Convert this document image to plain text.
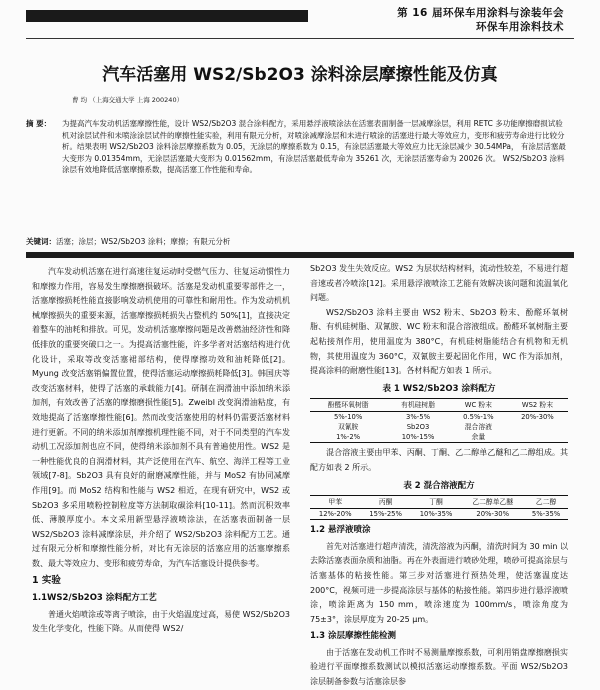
第 16 届环保车用涂料与涂装年会
环保车用涂料技术
汽车活塞用 WS2/Sb2O3 涂料涂层摩擦性能及仿真
曹 均 （上海交通大学 上海 200240）
摘 要： 为提高汽车发动机活塞摩擦性能，设计 WS2/Sb2O3 混合涂料配方，采用悬浮液喷涂法在活塞表面制备一层减摩涂层，利用 RETC 多功能摩擦磨损试验机对涂层试件和未喷涂涂层试件的摩擦性能实验，利用有限元分析，对喷涂减摩涂层和未进行喷涂的活塞进行最大等效应力，变形和疲劳寿命进行比较分析。结果表明 WS2/Sb2O3 涂料涂层摩擦系数为 0.05，无涂层的摩擦系数为 0.15，有涂层活塞最大等效应力比无涂层减少 30.54MPa， 有涂层活塞最大变形为 0.01354mm，无涂层活塞最大变形为 0.01562mm，有涂层活塞最低寿命为 35261 次，无涂层活塞寿命为 20026 次。 WS2/Sb2O3 涂料涂层有效地降低活塞摩擦系数，提高活塞工作性能和寿命。
关键词：活塞；涂层；WS2/Sb2O3 涂料；摩擦；有限元分析

汽车发动机活塞在进行高速往复运动时受燃气压力、往复运动惯性力和摩擦力作用，容易发生摩擦磨损破坏。活塞是发动机重要零部件之一，活塞摩擦损耗性能直接影响发动机使用的可靠性和耐用性。作为发动机机械摩擦损失的重要来源，活塞摩擦损耗损失占整机约 50%[1]，直接决定着整车的油耗和排放。可见，发动机活塞摩擦问题是改善燃油经济性和降低排放的重要突破口之一。为提高活塞性能，许多学者对活塞结构进行优化设计，采取等改变活塞裙部结构，使得摩擦功效和油耗降低[2]。Myung 改变活塞销偏置位置，使得活塞运动摩擦损耗降低[3]。韩国庆等改变活塞材料，使得了活塞的承载能力[4]。研制在润滑油中添加纳米添加剂，有效改善了活塞的摩擦磨损性能[5]。Zweibl 改变润滑油粘度，有效地提高了活塞摩擦性能[6]。然而改变活塞使用的材料仍需要活塞材料进行更新。不同的纳米添加剂摩擦机理性能不同，对于不同类型的汽车发动机工况添加剂也应不同，使得纳米添加剂不具有普遍使用性。WS2 是一种性能优良的自润滑材料，其产泛使用在汽车、航空、海洋工程等工业领域[7-8]。Sb2O3 具有良好的耐磨减摩性能，并与 MoS2 有协同减摩作用[9]。而 MoS2 结构和性能与 WS2 相近，在现有研究中，WS2 或 Sb2O3 多采用喷粉控制粒度等方法制取碳涂料[10-11]。然而沉积效率低、薄膜厚度小。本文采用新型悬浮液喷涂法，在活塞表面制备一层 WS2/Sb2O3 涂料减摩涂层，并介绍了 WS2/Sb2O3 涂料配方工艺。通过有限元分析和摩擦性能分析，对比有无涂层的活塞应用的活塞摩擦系数、最大等效应力、变形和疲劳寿命，为汽车活塞设计提供参考。

1 实验
1.1WS2/Sb2O3 涂料配方工艺

普通火焰喷涂或等离子喷涂，由于火焰温度过高，易使 WS2/Sb2O3 发生化学变化，性能下降。从而使得 WS2/

Sb2O3 发生失效反应。WS2 为层状结构材料，流动性较差，不易进行超音速或者冷喷涂[12]。采用悬浮液喷涂工艺能有效解决该问题和流温氧化问题。

WS2/Sb2O3 涂料主要由 WS2 粉末、Sb2O3 粉末、酚醛环氧树脂、有机硅树脂、双氰胺、WC 粉末和混合溶液组成。酚醛环氧树脂主要起粘接剂作用，使用温度为 380°C，有机硅树脂能结合有机物和无机物，其使用温度为 360°C，双氰胺主要起固化作用，WC 作为添加剂，提高涂料的耐磨性能[13]。各材料配方如表 1 所示。

表 1 WS2/Sb2O3 涂料配方
酚醛环氧树脂	有机硅树脂	WC 粉末	WS2 粉末
5%-10%	3%-5%	0.5%-1%	20%-30%
双氰胺	Sb2O3	混合溶液	
1%-2%	10%-15%	余量	

混合溶液主要由甲苯、丙酮、丁酮、乙二醇单乙醚和乙二醇组成。其配方如表 2 所示。

表 2 混合溶液配方
甲苯	丙酮	丁酮	乙二醇单乙醚	乙二醇
12%-20%	15%-25%	10%-35%	20%-30%	5%-35%
1.2 悬浮液喷涂

首先对活塞进行超声清洗，清洗溶液为丙酮，清洗时间为 30 min 以去除活塞表面杂质和油脂。再在外表面进行喷砂处理，喷砂可提高涂层与活塞基体的粘接性能。第三步对活塞进行预热处理，使活塞温度达 200°C，视频可进一步提高涂层与基体的粘接性能。第四步进行悬浮液喷涂，喷涂距离为 150 mm，喷涂速度为 100mm/s，喷涂角度为 75±3°，涂层厚度为 20-25 μm。

1.3 涂层摩擦性能检测

由于活塞在发动机工作时不易测量摩擦系数，可利用销盘摩擦磨损实验进行平面摩擦系数测试以模拟活塞运动摩擦系数。平面 WS2/Sb2O3 涂层制备参数与活塞涂层参
